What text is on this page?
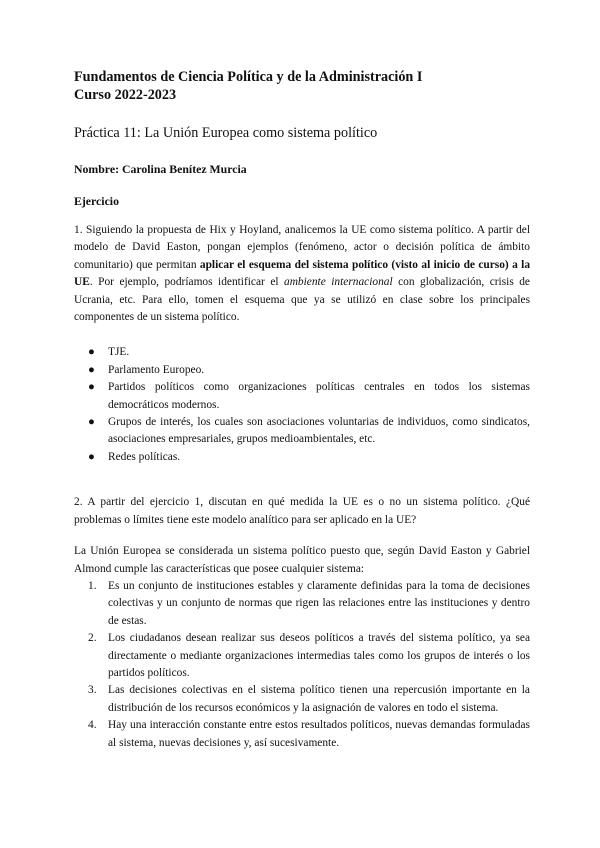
Fundamentos de Ciencia Política y de la Administración I
Curso 2022-2023
Práctica 11: La Unión Europea como sistema político
Nombre: Carolina Benítez Murcia
Ejercicio

1. Siguiendo la propuesta de Hix y Hoyland, analicemos la UE como sistema político. A partir del modelo de David Easton, pongan ejemplos (fenómeno, actor o decisión política de ámbito comunitario) que permitan aplicar el esquema del sistema político (visto al inicio de curso) a la UE. Por ejemplo, podríamos identificar el ambiente internacional con globalización, crisis de Ucrania, etc. Para ello, tomen el esquema que ya se utilizó en clase sobre los principales componentes de un sistema político.

● TJE.
● Parlamento Europeo.
● Partidos políticos como organizaciones políticas centrales en todos los sistemas democráticos modernos.
● Grupos de interés, los cuales son asociaciones voluntarias de individuos, como sindicatos, asociaciones empresariales, grupos medioambientales, etc.
● Redes políticas.

2. A partir del ejercicio 1, discutan en qué medida la UE es o no un sistema político. ¿Qué problemas o límites tiene este modelo analítico para ser aplicado en la UE?

La Unión Europea se considerada un sistema político puesto que, según David Easton y Gabriel Almond cumple las características que posee cualquier sistema:

1. Es un conjunto de instituciones estables y claramente definidas para la toma de decisiones colectivas y un conjunto de normas que rigen las relaciones entre las instituciones y dentro de estas.
2. Los ciudadanos desean realizar sus deseos políticos a través del sistema político, ya sea directamente o mediante organizaciones intermedias tales como los grupos de interés o los partidos políticos.
3. Las decisiones colectivas en el sistema político tienen una repercusión importante en la distribución de los recursos económicos y la asignación de valores en todo el sistema.
4. Hay una interacción constante entre estos resultados políticos, nuevas demandas formuladas al sistema, nuevas decisiones y, así sucesivamente.
